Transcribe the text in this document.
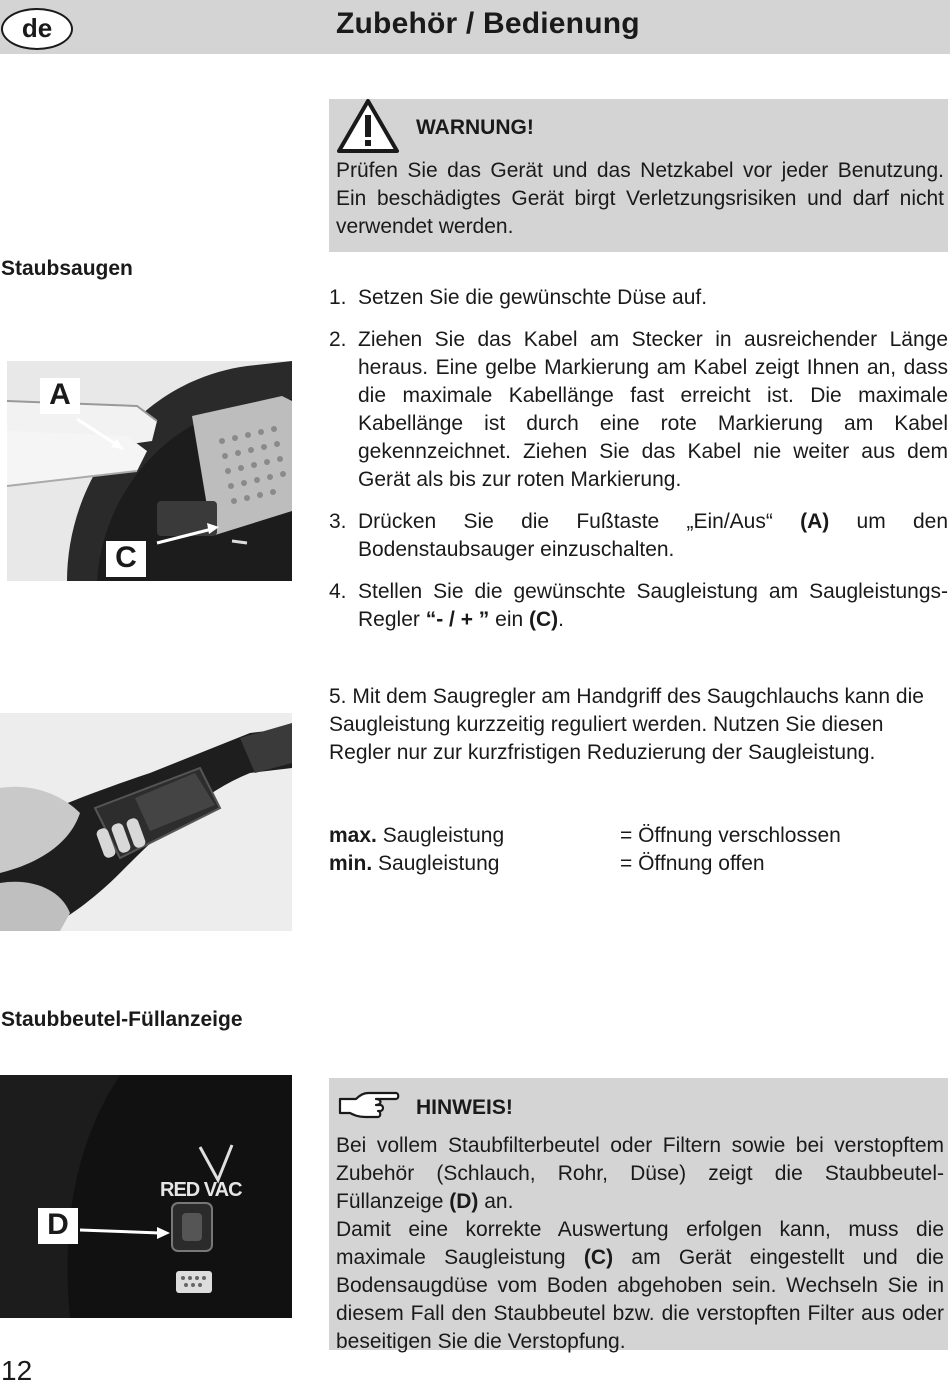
de	Zubehör / Bedienung
WARNUNG!
Prüfen Sie das Gerät und das Netzkabel vor jeder Benutzung. Ein beschädigtes Gerät birgt Verletzungsrisiken und darf nicht verwendet werden.
Staubsaugen
1. Setzen Sie die gewünschte Düse auf.
2. Ziehen Sie das Kabel am Stecker in ausreichender Länge heraus. Eine gelbe Markierung am Kabel zeigt Ihnen an, dass die maximale Kabellänge fast erreicht ist. Die maximale Kabellänge ist durch eine rote Markierung am Kabel gekennzeichnet. Ziehen Sie das Kabel nie weiter aus dem Gerät als bis zur roten Markierung.
3. Drücken Sie die Fußtaste „Ein/Aus“ (A) um den Bodenstaubsauger einzuschalten.
4. Stellen Sie die gewünschte Saugleistung am Saugleistungs-Regler “- / + ” ein (C).
A
C
5. Mit dem Saugregler am Handgriff des Saugchlauchs kann die Saugleistung kurzzeitig reguliert werden. Nutzen Sie diesen Regler nur zur kurzfristigen Reduzierung der Saugleistung.
max. Saugleistung	= Öffnung verschlossen
min. Saugleistung	= Öffnung offen
Staubbeutel-Füllanzeige
RED VAC
D
HINWEIS!
Bei vollem Staubfilterbeutel oder Filtern sowie bei verstopftem Zubehör (Schlauch, Rohr, Düse) zeigt die Staubbeutel-Füllanzeige (D) an.
Damit eine korrekte Auswertung erfolgen kann, muss die maximale Saugleistung (C) am Gerät eingestellt und die Bodensaugdüse vom Boden abgehoben sein. Wechseln Sie in diesem Fall den Staubbeutel bzw. die verstopften Filter aus oder beseitigen Sie die Verstopfung.
12
